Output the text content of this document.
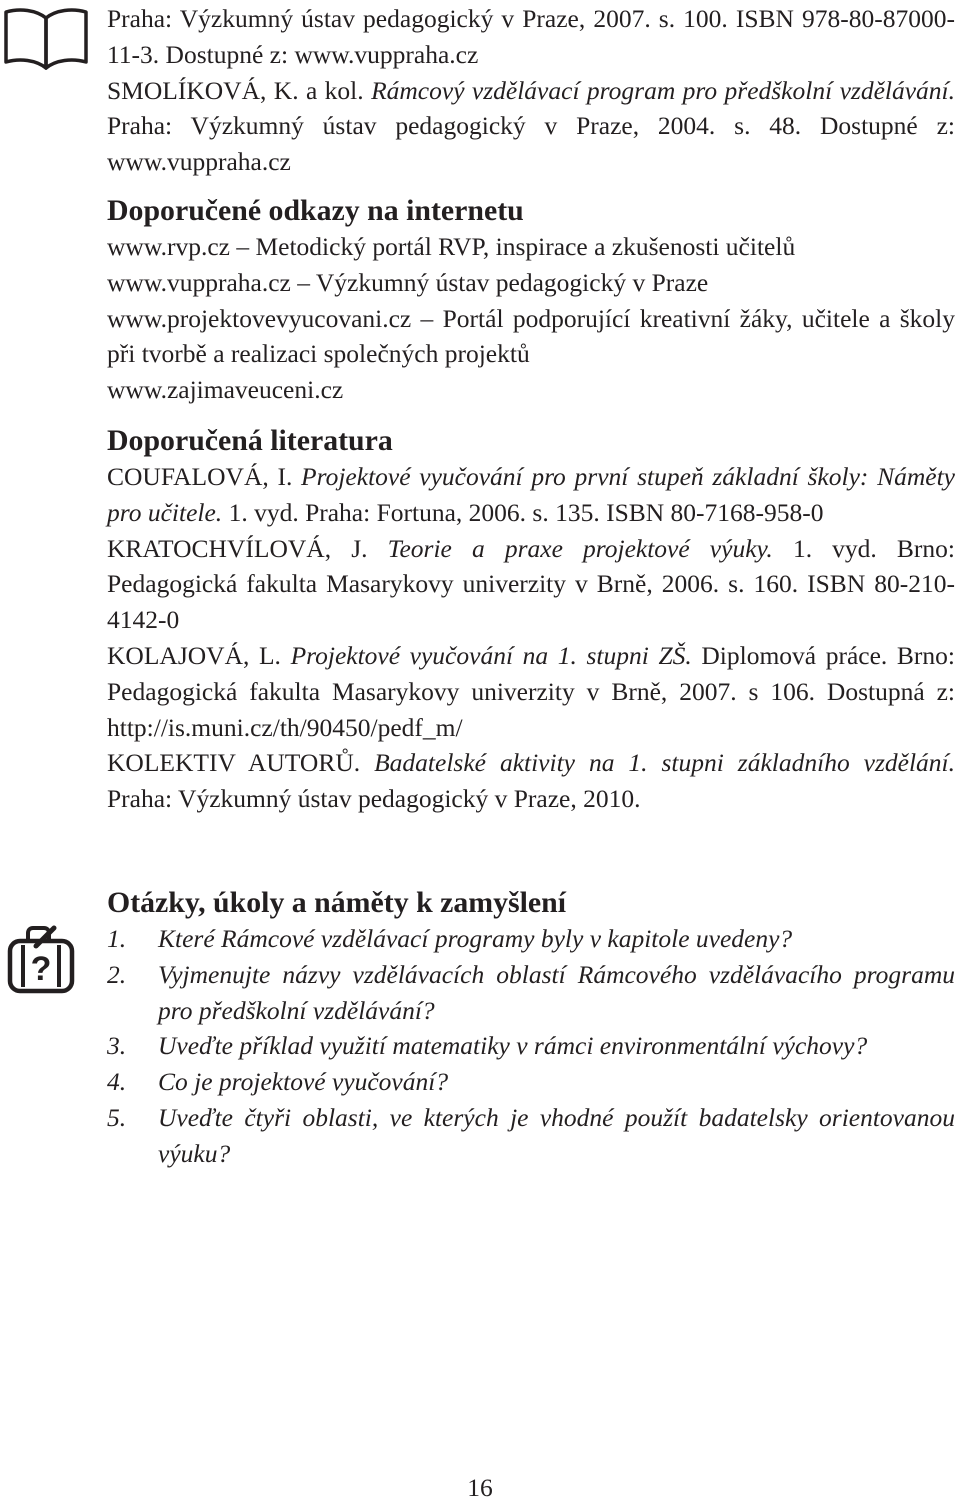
?

Praha: Výzkumný ústav pedagogický v Praze, 2007. s. 100. ISBN 978-80-87000-11-3. Dostupné z: www.vuppraha.cz

SMOLÍKOVÁ, K. a kol. Rámcový vzdělávací program pro předškolní vzdělávání. Praha: Výzkumný ústav pedagogický v Praze, 2004. s. 48. Dostupné z: www.vuppraha.cz

Doporučené odkazy na internetu

www.rvp.cz – Metodický portál RVP, inspirace a zkušenosti učitelů

www.vuppraha.cz – Výzkumný ústav pedagogický v Praze

www.projektovevyucovani.cz – Portál podporující kreativní žáky, učitele a školy při tvorbě a realizaci společných projektů

www.zajimaveuceni.cz

Doporučená literatura

COUFALOVÁ, I. Projektové vyučování pro první stupeň základní školy: Náměty pro učitele. 1. vyd. Praha: Fortuna, 2006. s. 135. ISBN 80-7168-958-0

KRATOCHVÍLOVÁ, J. Teorie a praxe projektové výuky. 1. vyd. Brno: Pedagogická fakulta Masarykovy univerzity v Brně, 2006. s. 160. ISBN 80-210-4142-0

KOLAJOVÁ, L. Projektové vyučování na 1. stupni ZŠ. Diplomová práce. Brno: Pedagogická fakulta Masarykovy univerzity v Brně, 2007. s 106. Dostupná z: http://is.muni.cz/th/90450/pedf_m/

KOLEKTIV AUTORŮ. Badatelské aktivity na 1. stupni základního vzdělání. Praha: Výzkumný ústav pedagogický v Praze, 2010.

Otázky, úkoly a náměty k zamyšlení
1. Které Rámcové vzdělávací programy byly v kapitole uvedeny?
2. Vyjmenujte názvy vzdělávacích oblastí Rámcového vzdělávacího programu pro předškolní vzdělávání?
3. Uveďte příklad využití matematiky v rámci environmentální výchovy?
4. Co je projektové vyučování?
5. Uveďte čtyři oblasti, ve kterých je vhodné použít badatelsky orientovanou výuku?
16
